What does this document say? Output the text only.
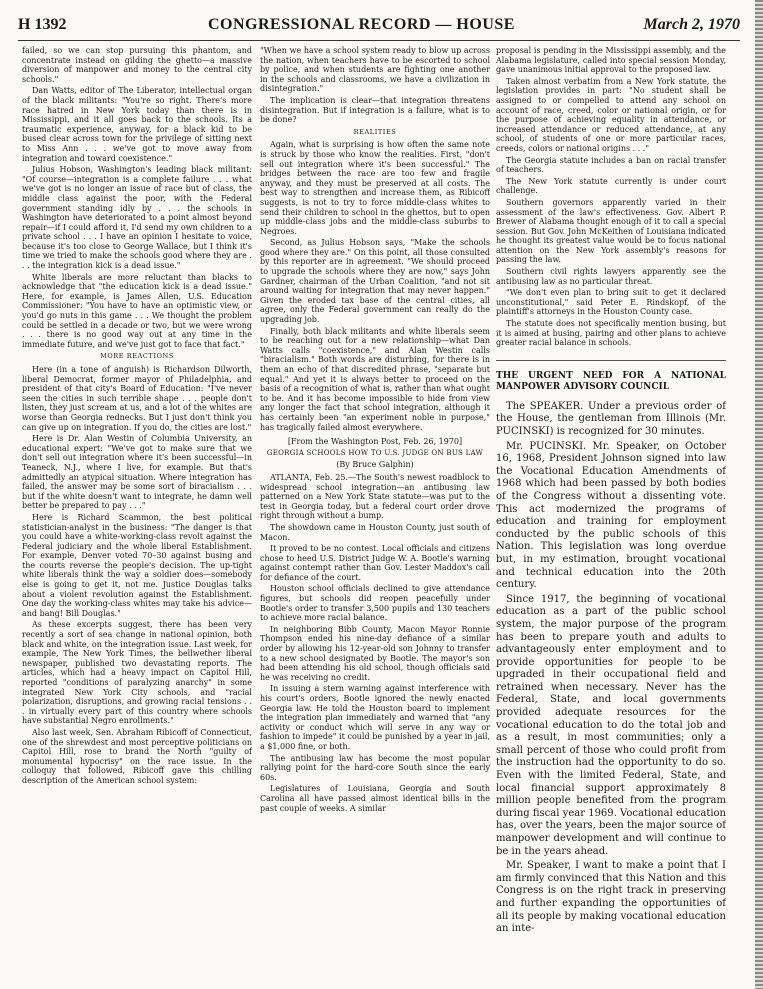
H 1392	CONGRESSIONAL RECORD — HOUSE	March 2, 1970

failed, so we can stop pursuing this phantom, and concentrate instead on gilding the ghetto—a massive diversion of manpower and money to the central city schools."

Dan Watts, editor of The Liberator, intellectual organ of the black militants: "You're so right. There's more race hatred in New York today than there is in Mississippi, and it all goes back to the schools. Its a traumatic experience, anyway, for a black kid to be bused clear across town for the privilege of sitting next to Miss Ann . . . we've got to move away from integration and toward coexistence."

Julius Hobson, Washington's leading black militant: "Of course—integration is a complete failure . . . what we've got is no longer an issue of race but of class, the middle class against the poor, with the Federal government standing idly by . . . the schools in Washington have deteriorated to a point almost beyond repair—if I could afford it, I'd send my own children to a private school . . . I have an opinion I hesitate to voice, because it's too close to George Wallace, but I think it's time we tried to make the schools good where they are . . . the integration kick is a dead issue."

White liberals are more reluctant than blacks to acknowledge that "the education kick is a dead issue." Here, for example, is James Allen, U.S. Education Commissioner: "You have to have an optimistic view, or you'd go nuts in this game . . . We thought the problem could be settled in a decade or two, but we were wrong . . . there is no good way out at any time in the immediate future, and we've just got to face that fact."

MORE REACTIONS

Here (in a tone of anguish) is Richardson Dilworth, liberal Democrat, former mayor of Philadelphia, and president of that city's Board of Education: "I've never seen the cities in such terrible shape . . . people don't listen, they just scream at us, and a lot of the whites are worse than Georgia rednecks. But I just don't think you can give up on integration. If you do, the cities are lost."

Here is Dr. Alan Westin of Columbia University, an educational expert: "We've got to make sure that we don't sell out integration where it's been successful—in Teaneck, N.J., where I live, for example. But that's admittedly an atypical situation. Where integration has failed, the answer may be some sort of biracialism . . . but if the white doesn't want to integrate, he damn well better be prepared to pay . . ."

Here is Richard Scammon, the best political statistician-analyst in the business: "The danger is that you could have a white-working-class revolt against the Federal judiciary and the whole liberal Establishment. For example, Denver voted 70–30 against busing and the courts reverse the people's decision. The up-tight white liberals think the way a soldier does—somebody else is going to get it, not me. Justice Douglas talks about a violent revolution against the Establishment. One day the working-class whites may take his advice—and bang! Bill Douglas."

As these excerpts suggest, there has been very recently a sort of sea change in national opinion, both black and white, on the integration issue. Last week, for example, The New York Times, the bellwether liberal newspaper, published two devastating reports. The articles, which had a heavy impact on Capitol Hill, reported "conditions of paralyzing anarchy" in some integrated New York City schools, and "racial polarization, disruptions, and growing racial tensions . . . in virtually every part of this country where schools have substantial Negro enrollments."

Also last week, Sen. Abraham Ribicoff of Connecticut, one of the shrewdest and most perceptive politicians on Capitol Hill, rose to brand the North "guilty of monumental hypocrisy" on the race issue. In the colloquy that followed, Ribicoff gave this chilling description of the American school system:

"When we have a school system ready to blow up across the nation, when teachers have to be escorted to school by police, and when students are fighting one another in the schools and classrooms, we have a civilization in disintegration."

The implication is clear—that integration threatens disintegration. But if integration is a failure, what is to be done?

REALITIES

Again, what is surprising is how often the same note is struck by those who know the realities. First, "don't sell out integration where it's been successful." The bridges between the race are too few and fragile anyway, and they must be preserved at all costs. The best way to strengthen and increase them, as Ribicoff suggests, is not to try to force middle-class whites to send their children to school in the ghettos, but to open up middle-class jobs and the middle-class suburbs to Negroes.

Second, as Julius Hobson says, "Make the schools good where they are." On this point, all those consulted by this reporter are in agreement. "We should proceed to upgrade the schools where they are now," says John Gardner, chairman of the Urban Coalition, "and not sit around waiting for integration that may never happen." Given the eroded tax base of the central cities, all agree, only the Federal government can really do the upgrading job.

Finally, both black militants and white liberals seem to be reaching out for a new relationship—what Dan Watts calls "coexistence," and Alan Westin calls "biracialism." Both words are disturbing, for there is in them an echo of that discredited phrase, "separate but equal." And yet it is always better to proceed on the basis of a recognition of what is, rather than what ought to be. And it has become impossible to hide from view any longer the fact that school integration, although it has certainly been "an experiment noble in purpose," has tragically failed almost everywhere.

[From the Washington Post, Feb. 26, 1970]

GEORGIA SCHOOLS HOW TO U.S. JUDGE ON BUS LAW

(By Bruce Galphin)

ATLANTA, Feb. 25.—The South's newest roadblock to widespread school integration—an antibusing law patterned on a New York State statute—was put to the test in Georgia today, but a federal court order drove right through without a bump.

The showdown came in Houston County, just south of Macon.

It proved to be no contest. Local officials and citizens chose to heed U.S. District Judge W. A. Bootle's warning against contempt rather than Gov. Lester Maddox's call for defiance of the court.

Houston school officials declined to give attendance figures, but schools did reopen peacefully under Bootle's order to transfer 3,500 pupils and 130 teachers to achieve more racial balance.

In neighboring Bibb County, Macon Mayor Ronnie Thompson ended his nine-day defiance of a similar order by allowing his 12-year-old son Johnny to transfer to a new school designated by Bootle. The mayor's son had been attending his old school, though officials said he was receiving no credit.

In issuing a stern warning against interference with his court's orders, Bootle ignored the newly enacted Georgia law. He told the Houston board to implement the integration plan immediately and warned that "any activity or conduct which will serve in any way or fashion to impede" it could be punished by a year in jail, a $1,000 fine, or both.

The antibusing law has become the most popular rallying point for the hard-core South since the early 60s.

Legislatures of Louisiana, Georgia and South Carolina all have passed almost identical bills in the past couple of weeks. A similar

proposal is pending in the Mississippi assembly, and the Alabama legislature, called into special session Monday, gave unanimous initial approval to the proposed law.

Taken almost verbatim from a New York statute, the legislation provides in part: "No student shall be assigned to or compelled to attend any school on account of race, creed, color or national origin, or for the purpose of achieving equality in attendance, or increased attendance or reduced attendance, at any school, of students of one or more particular races, creeds, colors or national origins . . ."

The Georgia statute includes a ban on racial transfer of teachers.

The New York statute currently is under court challenge.

Southern governors apparently varied in their assessment of the law's effectiveness. Gov. Albert P. Brewer of Alabama thought enough of it to call a special session. But Gov. John McKeithen of Louisiana indicated he thought its greatest value would be to focus national attention on the New York assembly's reasons for passing the law.

Southern civil rights lawyers apparently see the antibusing law as no particular threat.

"We don't even plan to bring suit to get it declared unconstitutional," said Peter E. Rindskopf, of the plaintiff's attorneys in the Houston County case.

The statute does not specifically mention busing, but it is aimed at busing, pairing and other plans to achieve greater racial balance in schools.

THE URGENT NEED FOR A NATIONAL MANPOWER ADVISORY COUNCIL

The SPEAKER. Under a previous order of the House, the gentleman from Illinois (Mr. PUCINSKI) is recognized for 30 minutes.

Mr. PUCINSKI. Mr. Speaker, on October 16, 1968, President Johnson signed into law the Vocational Education Amendments of 1968 which had been passed by both bodies of the Congress without a dissenting vote. This act modernized the programs of education and training for employment conducted by the public schools of this Nation. This legislation was long overdue but, in my estimation, brought vocational and technical education into the 20th century.

Since 1917, the beginning of vocational education as a part of the public school system, the major purpose of the program has been to prepare youth and adults to advantageously enter employment and to provide opportunities for people to be upgraded in their occupational field and retrained when necessary. Never has the Federal, State, and local governments provided adequate resources for the vocational education to do the total job and as a result, in most communities; only a small percent of those who could profit from the instruction had the opportunity to do so. Even with the limited Federal, State, and local financial support approximately 8 million people benefited from the program during fiscal year 1969. Vocational education has, over the years, been the major source of manpower development and will continue to be in the years ahead.

Mr. Speaker, I want to make a point that I am firmly convinced that this Nation and this Congress is on the right track in preserving and further expanding the opportunities of all its people by making vocational education an inte-
